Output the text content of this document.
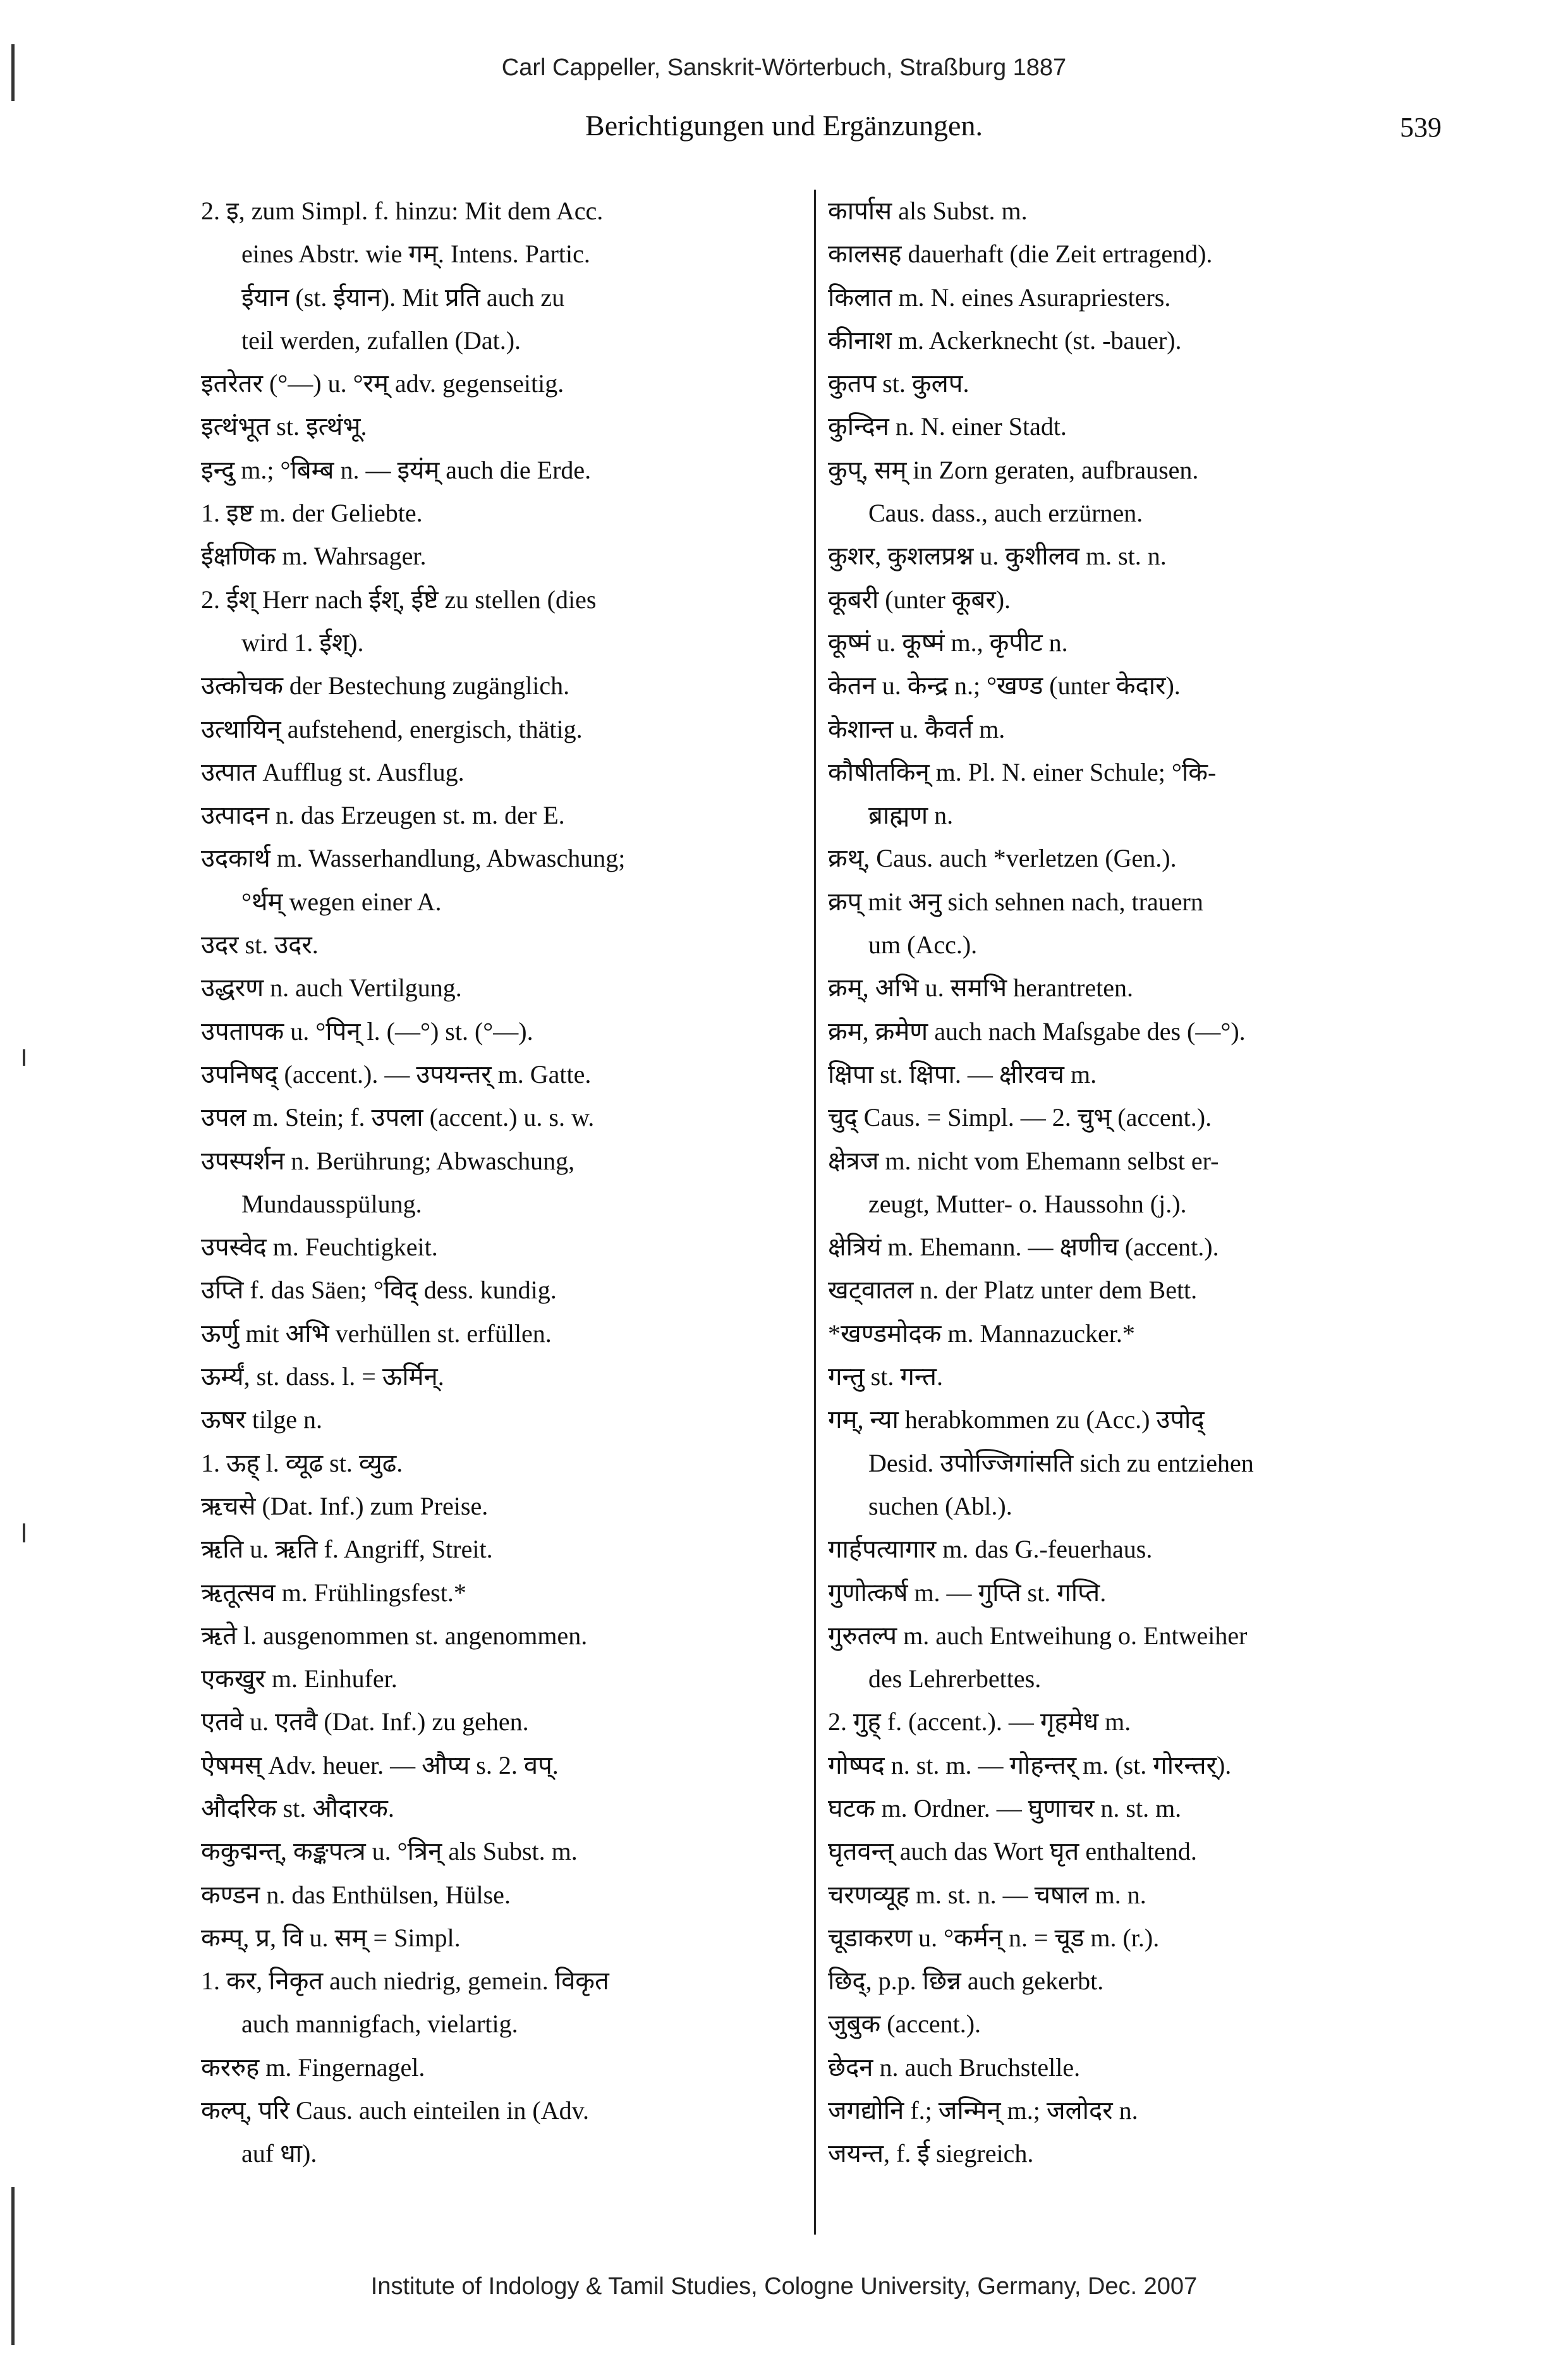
Carl Cappeller, Sanskrit-Wörterbuch, Straßburg 1887
Berichtigungen und Ergänzungen.	539
2. इ, zum Simpl. f. hinzu: Mit dem Acc.
eines Abstr. wie गम्. Intens. Partic.
ईयान (st. ईयान). Mit प्रति auch zu
teil werden, zufallen (Dat.).
इतरेतर (°—) u. °रम् adv. gegenseitig.
इत्थंभूत st. इत्थंभू.
इन्दु m.; °बिम्ब n. — इयंम् auch die Erde.
1. इष्ट m. der Geliebte.
ईक्षणिक m. Wahrsager.
2. ईश् Herr nach ईश्, ईष्टे zu stellen (dies
wird 1. ईश्).
उत्कोचक der Bestechung zugänglich.
उत्थायिन् aufstehend, energisch, thätig.
उत्पात Aufflug st. Ausflug.
उत्पादन n. das Erzeugen st. m. der E.
उदकार्थ m. Wasserhandlung, Abwaschung;
°र्थम् wegen einer A.
उदर st. उदर.
उद्धरण n. auch Vertilgung.
उपतापक u. °पिन् l. (—°) st. (°—).
उपनिषद् (accent.). — उपयन्तर् m. Gatte.
उपल m. Stein; f. उपला (accent.) u. s. w.
उपस्पर्शन n. Berührung; Abwaschung,
Mundausspülung.
उपस्वेद m. Feuchtigkeit.
उप्ति f. das Säen; °विद् dess. kundig.
ऊर्णु mit अभि verhüllen st. erfüllen.
ऊर्म्यं, st. dass. l. = ऊर्मिन्.
ऊषर tilge n.
1. ऊह् l. व्यूढ st. व्युढ.
ऋचसे (Dat. Inf.) zum Preise.
ऋति u. ऋति f. Angriff, Streit.
ऋतूत्सव m. Frühlingsfest.*
ऋते l. ausgenommen st. angenommen.
एकखुर m. Einhufer.
एतवे u. एतवै (Dat. Inf.) zu gehen.
ऐषमस् Adv. heuer. — औप्य s. 2. वप्.
औदरिक st. औदारक.
ककुद्मन्त्, कङ्कपत्त्र u. °त्रिन् als Subst. m.
कण्डन n. das Enthülsen, Hülse.
कम्प्, प्र, वि u. सम् = Simpl.
1. कर, निकृत auch niedrig, gemein. विकृत
auch mannigfach, vielartig.
कररुह m. Fingernagel.
कल्प्, परि Caus. auch einteilen in (Adv.
auf धा).
कार्पास als Subst. m.
कालसह dauerhaft (die Zeit ertragend).
किलात m. N. eines Asurapriesters.
कीनाश m. Ackerknecht (st. -bauer).
कुतप st. कुलप.
कुन्दिन n. N. einer Stadt.
कुप्, सम् in Zorn geraten, aufbrausen.
Caus. dass., auch erzürnen.
कुशर, कुशलप्रश्न u. कुशीलव m. st. n.
कूबरी (unter कूबर).
कूष्मं u. कूष्मं m., कृपीट n.
केतन u. केन्द्र n.; °खण्ड (unter केदार).
केशान्त u. कैवर्त m.
कौषीतकिन् m. Pl. N. einer Schule; °कि-
ब्राह्मण n.
क्रथ्, Caus. auch *verletzen (Gen.).
क्रप् mit अनु sich sehnen nach, trauern
um (Acc.).
क्रम्, अभि u. समभि herantreten.
क्रम, क्रमेण auch nach Maſsgabe des (—°).
क्षिपा st. क्षिपा. — क्षीरवच m.
चुद् Caus. = Simpl. — 2. चुभ् (accent.).
क्षेत्रज m. nicht vom Ehemann selbst er-
zeugt, Mutter- o. Haussohn (j.).
क्षेत्रियं m. Ehemann. — क्षणीच (accent.).
खट्वातल n. der Platz unter dem Bett.
*खण्डमोदक m. Mannazucker.*
गन्तु st. गन्त.
गम्, न्या herabkommen zu (Acc.) उपोद्
Desid. उपोज्जिगांसति sich zu entziehen
suchen (Abl.).
गार्हपत्यागार m. das G.-feuerhaus.
गुणोत्कर्ष m. — गुप्ति st. गप्ति.
गुरुतल्प m. auch Entweihung o. Entweiher
des Lehrerbettes.
2. गुह् f. (accent.). — गृहमेध m.
गोष्पद n. st. m. — गोहन्तर् m. (st. गोरन्तर्).
घटक m. Ordner. — घुणाचर n. st. m.
घृतवन्त् auch das Wort घृत enthaltend.
चरणव्यूह m. st. n. — चषाल m. n.
चूडाकरण u. °कर्मन् n. = चूड m. (r.).
छिद्, p.p. छिन्न auch gekerbt.
जुबुक (accent.).
छेदन n. auch Bruchstelle.
जगद्योनि f.; जन्मिन् m.; जलोदर n.
जयन्त, f. ई siegreich.
Institute of Indology & Tamil Studies, Cologne University, Germany, Dec. 2007
